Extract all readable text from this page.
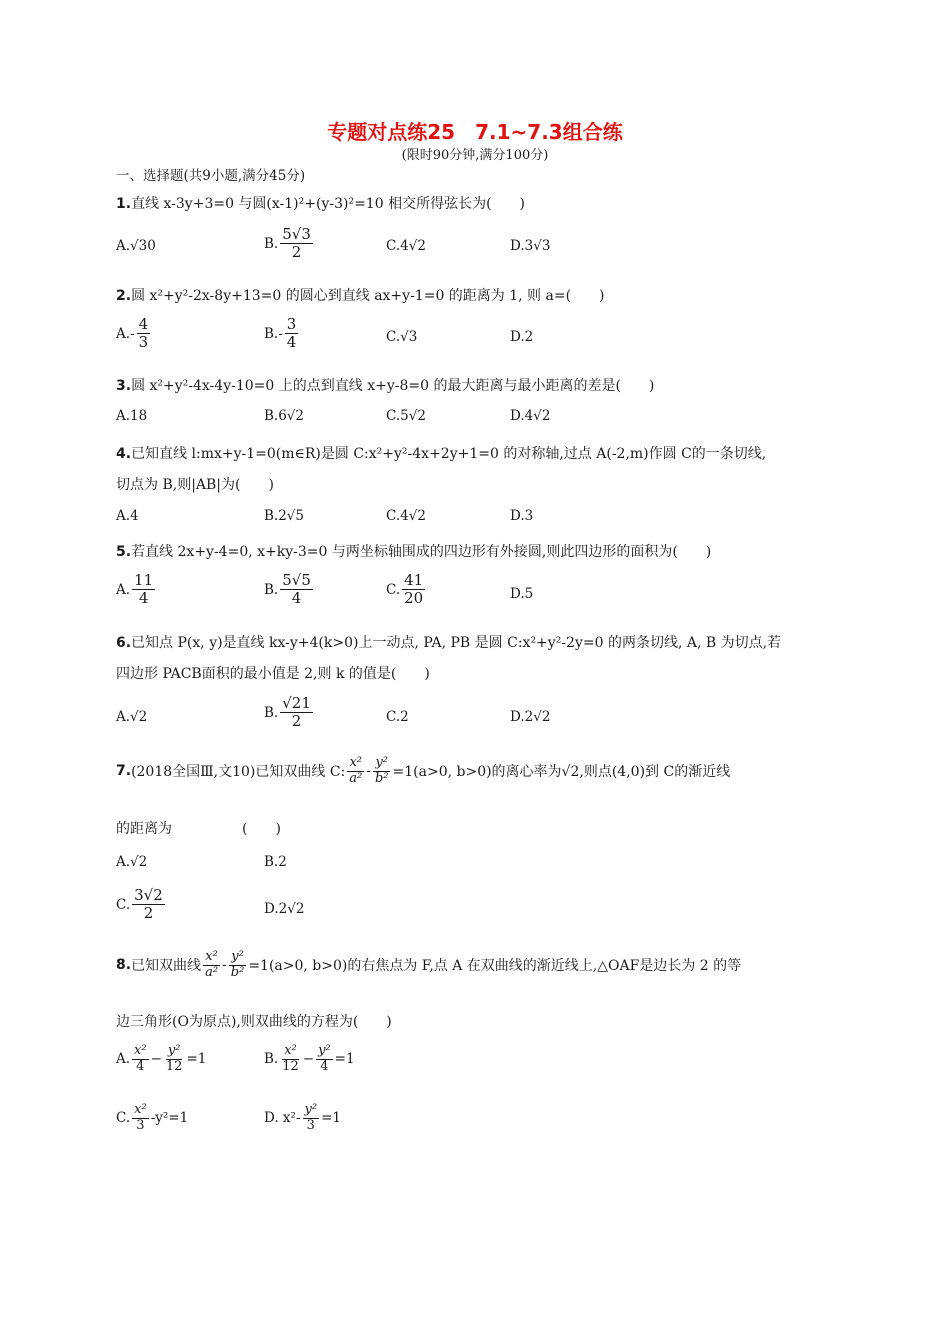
专题对点练25　7.1~7.3组合练
(限时90分钟,满分100分)
一、选择题(共9小题,满分45分)
1.直线 x-3y+3=0 与圆(x-1)²+(y-3)²=10 相交所得弦长为(　　)
A.√30	B. $\frac{5√3}{2}$	C.4√2	D.3√3
2.圆 x²+y²-2x-8y+13=0 的圆心到直线 ax+y-1=0 的距离为 1, 则 a=(　　)
$A.- \frac{4}{3}$	$B.- \frac{3}{4}$	C.√3	D.2
3.圆 x²+y²-4x-4y-10=0 上的点到直线 x+y-8=0 的最大距离与最小距离的差是(　　)
A.18	B.6√2	C.5√2	D.4√2
4.已知直线 l:mx+y-1=0(m∈R)是圆 C:x²+y²-4x+2y+1=0 的对称轴,过点 A(-2,m)作圆 C的一条切线,
切点为 B,则|AB|为(　　)
A.4	B.2√5	C.4√2	D.3
5.若直线 2x+y-4=0, x+ky-3=0 与两坐标轴围成的四边形有外接圆,则此四边形的面积为(　　)
A. $\frac{11}{4}$	B. $\frac{5√5}{4}$	C. $\frac{41}{20}$	D.5
6.已知点 P(x, y)是直线 kx-y+4(k>0)上一动点, PA, PB 是圆 C:x²+y²-2y=0 的两条切线, A, B 为切点,若
四边形 PACB面积的最小值是 2,则 k 的值是(　　)
A.√2	B. $\frac{√21}{2}$	C.2	D.2√2
7. (2018全国Ⅲ,文10)已知双曲线 C: $\frac{\text{x²}}{\text{a²}} - \frac{\text{y²}}{\text{b²}} =1(a>0$, b>0)的离心率为√2,则点(4,0)到 C的渐近线
的距离为　　　　　(　　)
A.√2	B.2
C. $\frac{3√2}{2}$	D.2√2
8. 已知双曲线 $\frac{\text{x²}}{\text{a²}} - \frac{\text{y²}}{\text{b²}} =1(a>0$, b>0)的右焦点为 F,点 A 在双曲线的渐近线上,△OAF是边长为 2 的等
边三角形(O为原点),则双曲线的方程为(　　)
A. $\frac{\text{x²}}{4} - \frac{\text{y²}}{12} =1$	B. $\frac{\text{x²}}{12} - \frac{\text{y²}}{4} =1$
C. $\frac{\text{x²}}{3} -y^2=1$	D. $x^2- \frac{\text{y²}}{3} =1$
